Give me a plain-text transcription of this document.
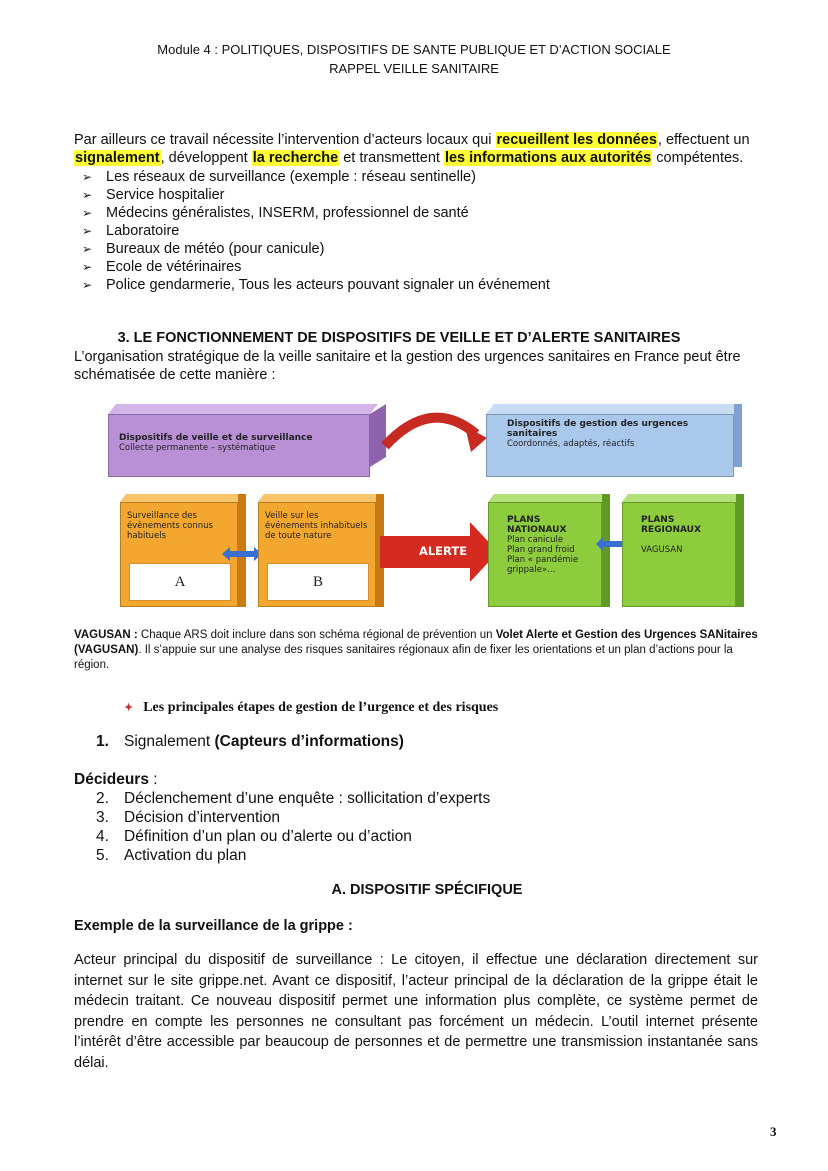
Module 4 : POLITIQUES, DISPOSITIFS DE SANTE PUBLIQUE ET D’ACTION SOCIALE
RAPPEL VEILLE SANITAIRE
Par ailleurs ce travail nécessite l’intervention d’acteurs locaux qui recueillent les données, effectuent un
signalement, développent la recherche et transmettent les informations aux autorités compétentes.
➢ Les réseaux de surveillance (exemple : réseau sentinelle)
➢ Service hospitalier
➢ Médecins généralistes, INSERM, professionnel de santé
➢ Laboratoire
➢ Bureaux de météo (pour canicule)
➢ Ecole de vétérinaires
➢ Police gendarmerie, Tous les acteurs pouvant signaler un événement
3. LE FONCTIONNEMENT DE DISPOSITIFS DE VEILLE ET D’ALERTE SANITAIRES
L’organisation stratégique de la veille sanitaire et la gestion des urgences sanitaires en France peut être schématisée de cette manière :
Dispositifs de veille et de surveillance
Collecte permanente – systématique
Dispositifs de gestion des urgences sanitaires
Coordonnés, adaptés, réactifs
Surveillance des évènements connus habituels
A
Veille sur les événements inhabituels de toute nature
B
ALERTE
PLANS NATIONAUX
Plan canicule
Plan grand froid
Plan « pandémie
grippale»…
PLANS REGIONAUX

VAGUSAN
VAGUSAN : Chaque ARS doit inclure dans son schéma régional de prévention un Volet Alerte et Gestion des Urgences SANitaires (VAGUSAN). Il s’appuie sur une analyse des risques sanitaires régionaux afin de fixer les orientations et un plan d’actions pour la région.
✦ Les principales étapes de gestion de l’urgence et des risques
1. Signalement (Capteurs d’informations)
Décideurs :
2. Déclenchement d’une enquête : sollicitation d’experts
3. Décision d’intervention
4. Définition d’un plan ou d’alerte ou d’action
5. Activation du plan
A. DISPOSITIF SPÉCIFIQUE
Exemple de la surveillance de la grippe :
Acteur principal du dispositif de surveillance : Le citoyen, il effectue une déclaration directement sur internet sur le site grippe.net. Avant ce dispositif, l’acteur principal de la déclaration de la grippe était le médecin traitant. Ce nouveau dispositif permet une information plus complète, ce système permet de prendre en compte les personnes ne consultant pas forcément un médecin. L’outil internet présente l’intérêt d’être accessible par beaucoup de personnes et de permettre une transmission instantanée sans délai.
3
